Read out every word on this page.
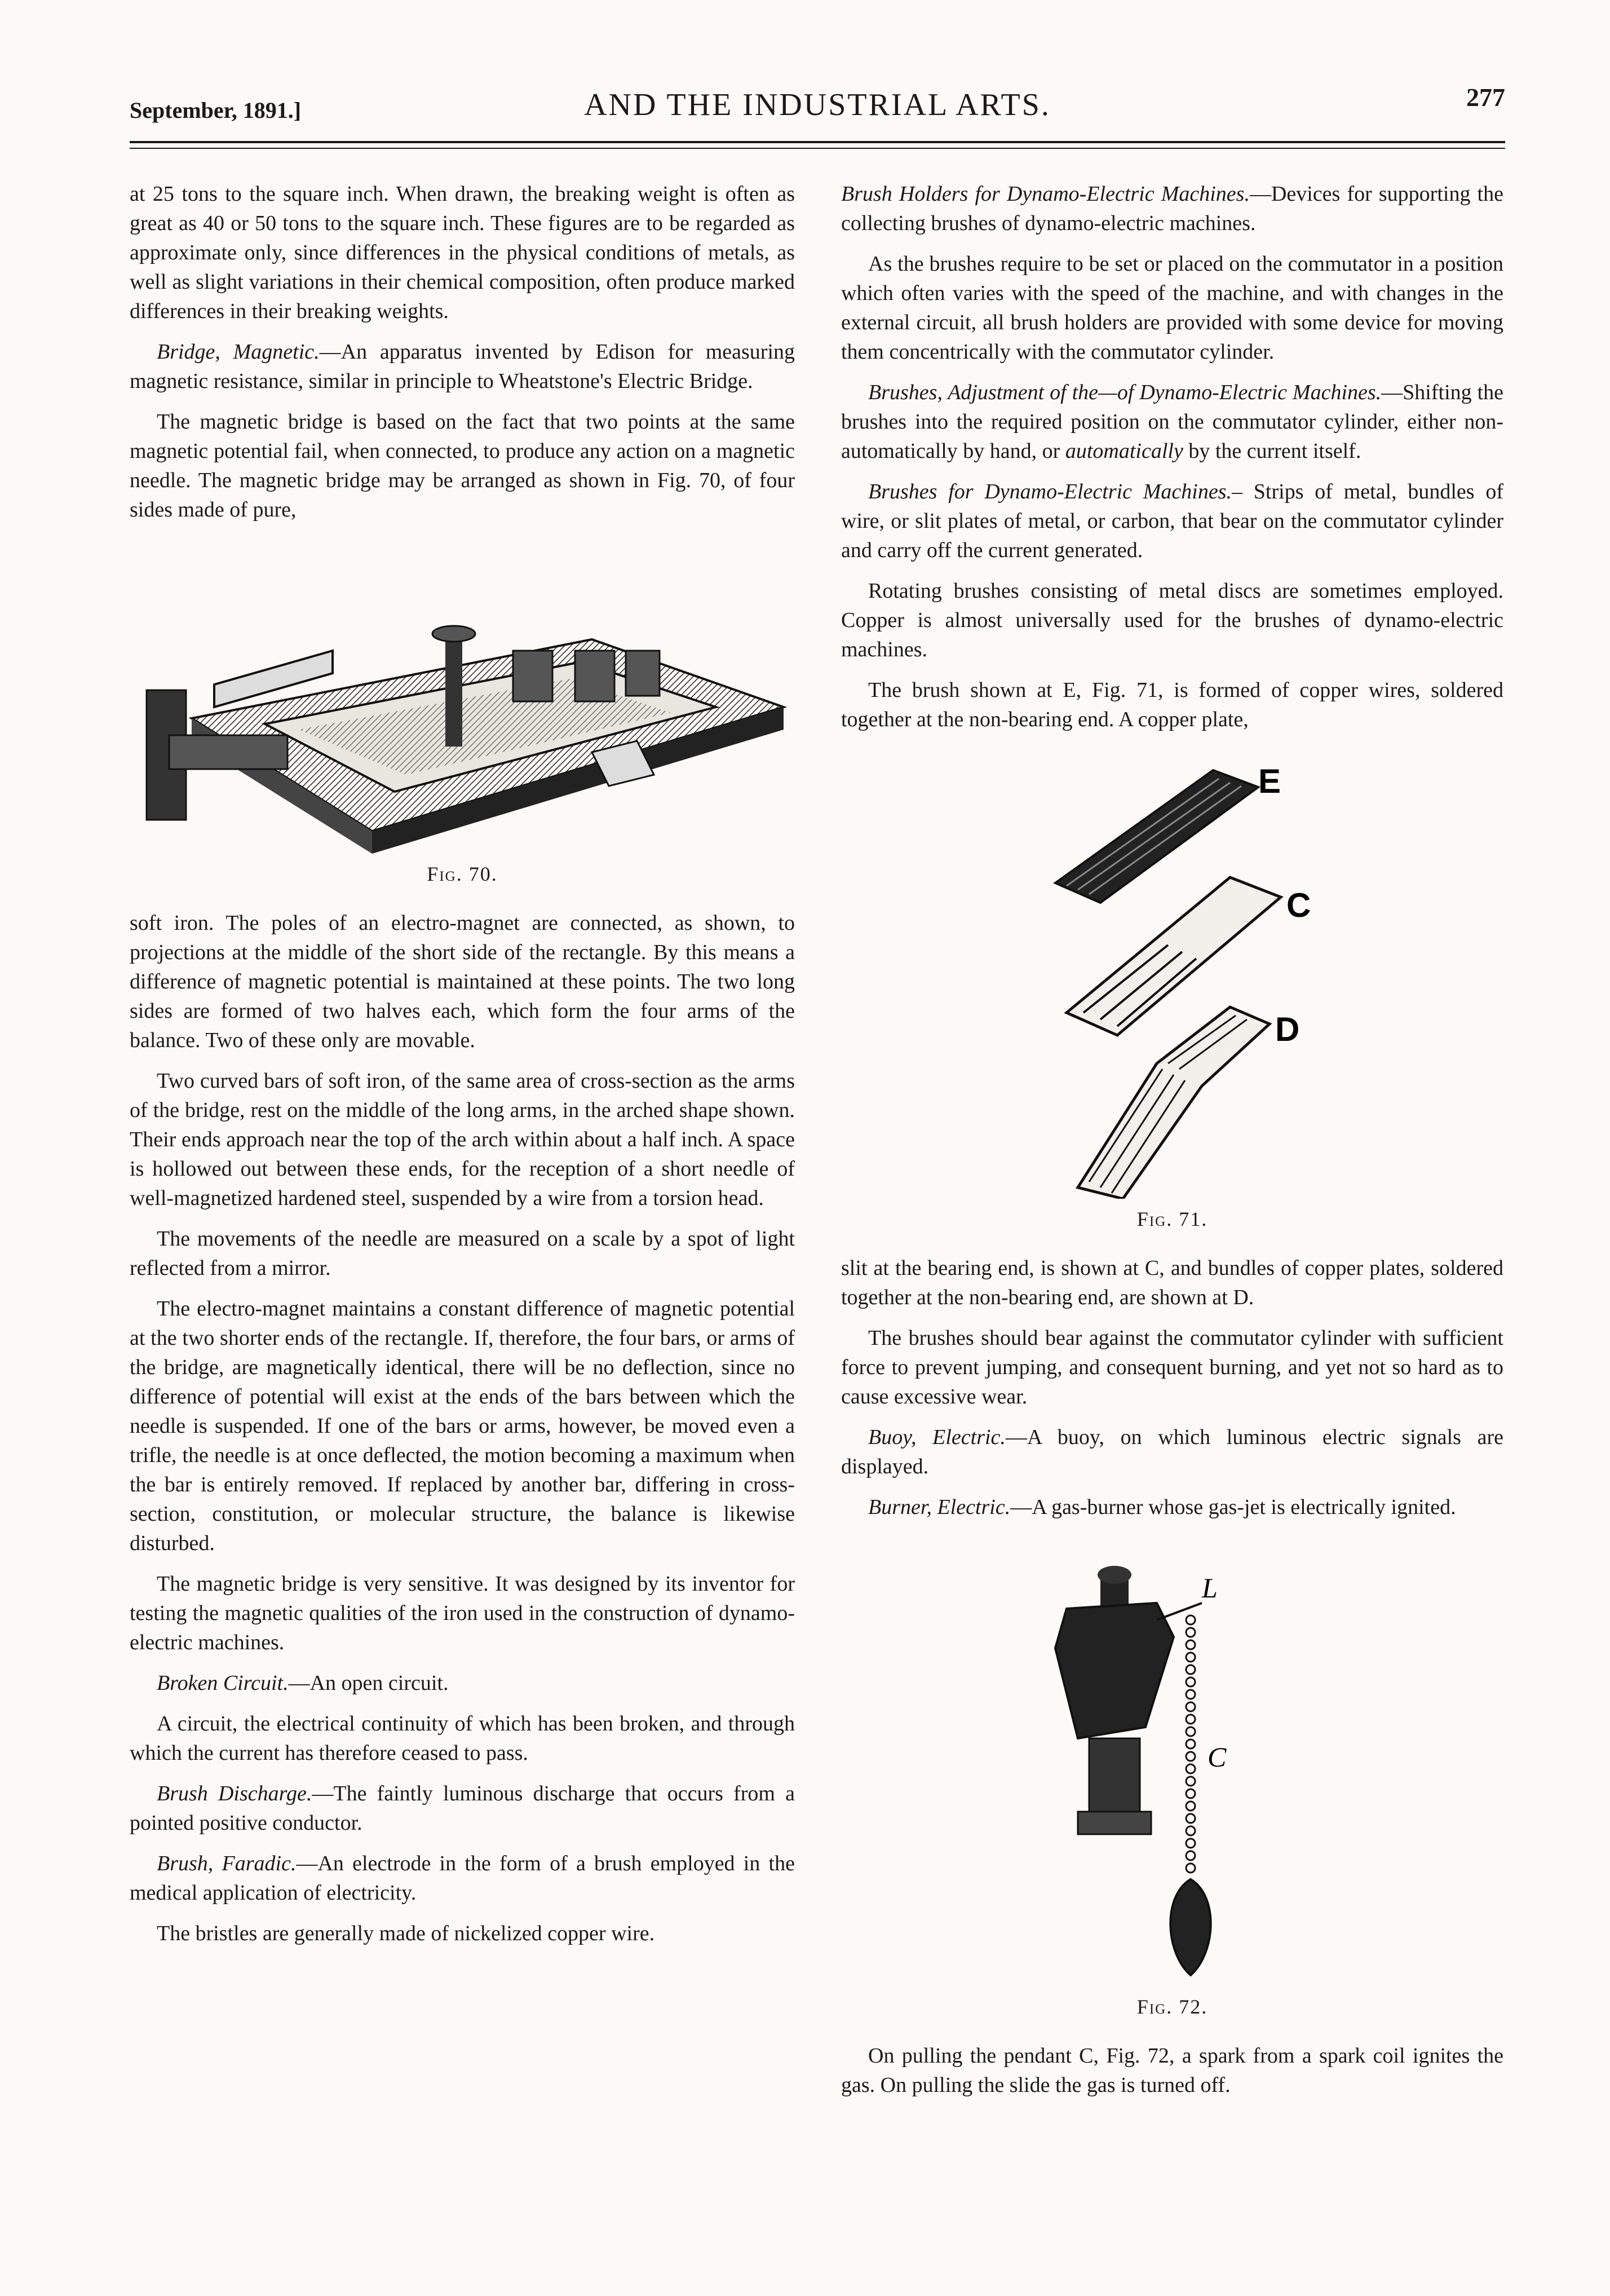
September, 1891.]	AND THE INDUSTRIAL ARTS.	277

at 25 tons to the square inch. When drawn, the breaking weight is often as great as 40 or 50 tons to the square inch. These figures are to be regarded as approximate only, since differences in the physical conditions of metals, as well as slight variations in their chemical composition, often produce marked differences in their breaking weights.

Bridge, Magnetic.—An apparatus invented by Edison for measuring magnetic resistance, similar in principle to Wheatstone's Electric Bridge.

The magnetic bridge is based on the fact that two points at the same magnetic potential fail, when connected, to produce any action on a magnetic needle. The magnetic bridge may be arranged as shown in Fig. 70, of four sides made of pure,

Fig. 70.

soft iron. The poles of an electro-magnet are connected, as shown, to projections at the middle of the short side of the rectangle. By this means a difference of magnetic potential is maintained at these points. The two long sides are formed of two halves each, which form the four arms of the balance. Two of these only are movable.

Two curved bars of soft iron, of the same area of cross-section as the arms of the bridge, rest on the middle of the long arms, in the arched shape shown. Their ends approach near the top of the arch within about a half inch. A space is hollowed out between these ends, for the reception of a short needle of well-magnetized hardened steel, suspended by a wire from a torsion head.

The movements of the needle are measured on a scale by a spot of light reflected from a mirror.

The electro-magnet maintains a constant difference of magnetic potential at the two shorter ends of the rectangle. If, therefore, the four bars, or arms of the bridge, are magnetically identical, there will be no deflection, since no difference of potential will exist at the ends of the bars between which the needle is suspended. If one of the bars or arms, however, be moved even a trifle, the needle is at once deflected, the motion becoming a maximum when the bar is entirely removed. If replaced by another bar, differing in cross-section, constitution, or molecular structure, the balance is likewise disturbed.

The magnetic bridge is very sensitive. It was designed by its inventor for testing the magnetic qualities of the iron used in the construction of dynamo-electric machines.

Broken Circuit.—An open circuit.

A circuit, the electrical continuity of which has been broken, and through which the current has therefore ceased to pass.

Brush Discharge.—The faintly luminous discharge that occurs from a pointed positive conductor.

Brush, Faradic.—An electrode in the form of a brush employed in the medical application of electricity.

The bristles are generally made of nickelized copper wire.

Brush Holders for Dynamo-Electric Machines.—Devices for supporting the collecting brushes of dynamo-electric machines.

As the brushes require to be set or placed on the commutator in a position which often varies with the speed of the machine, and with changes in the external circuit, all brush holders are provided with some device for moving them concentrically with the commutator cylinder.

Brushes, Adjustment of the—of Dynamo-Electric Machines.—Shifting the brushes into the required position on the commutator cylinder, either non-automatically by hand, or automatically by the current itself.

Brushes for Dynamo-Electric Machines.– Strips of metal, bundles of wire, or slit plates of metal, or carbon, that bear on the commutator cylinder and carry off the current generated.

Rotating brushes consisting of metal discs are sometimes employed. Copper is almost universally used for the brushes of dynamo-electric machines.

The brush shown at E, Fig. 71, is formed of copper wires, soldered together at the non-bearing end. A copper plate,

E
C
D
Fig. 71.

slit at the bearing end, is shown at C, and bundles of copper plates, soldered together at the non-bearing end, are shown at D.

The brushes should bear against the commutator cylinder with sufficient force to prevent jumping, and consequent burning, and yet not so hard as to cause excessive wear.

Buoy, Electric.—A buoy, on which luminous electric signals are displayed.

Burner, Electric.—A gas-burner whose gas-jet is electrically ignited.

L
C
Fig. 72.

On pulling the pendant C, Fig. 72, a spark from a spark coil ignites the gas. On pulling the slide the gas is turned off.
